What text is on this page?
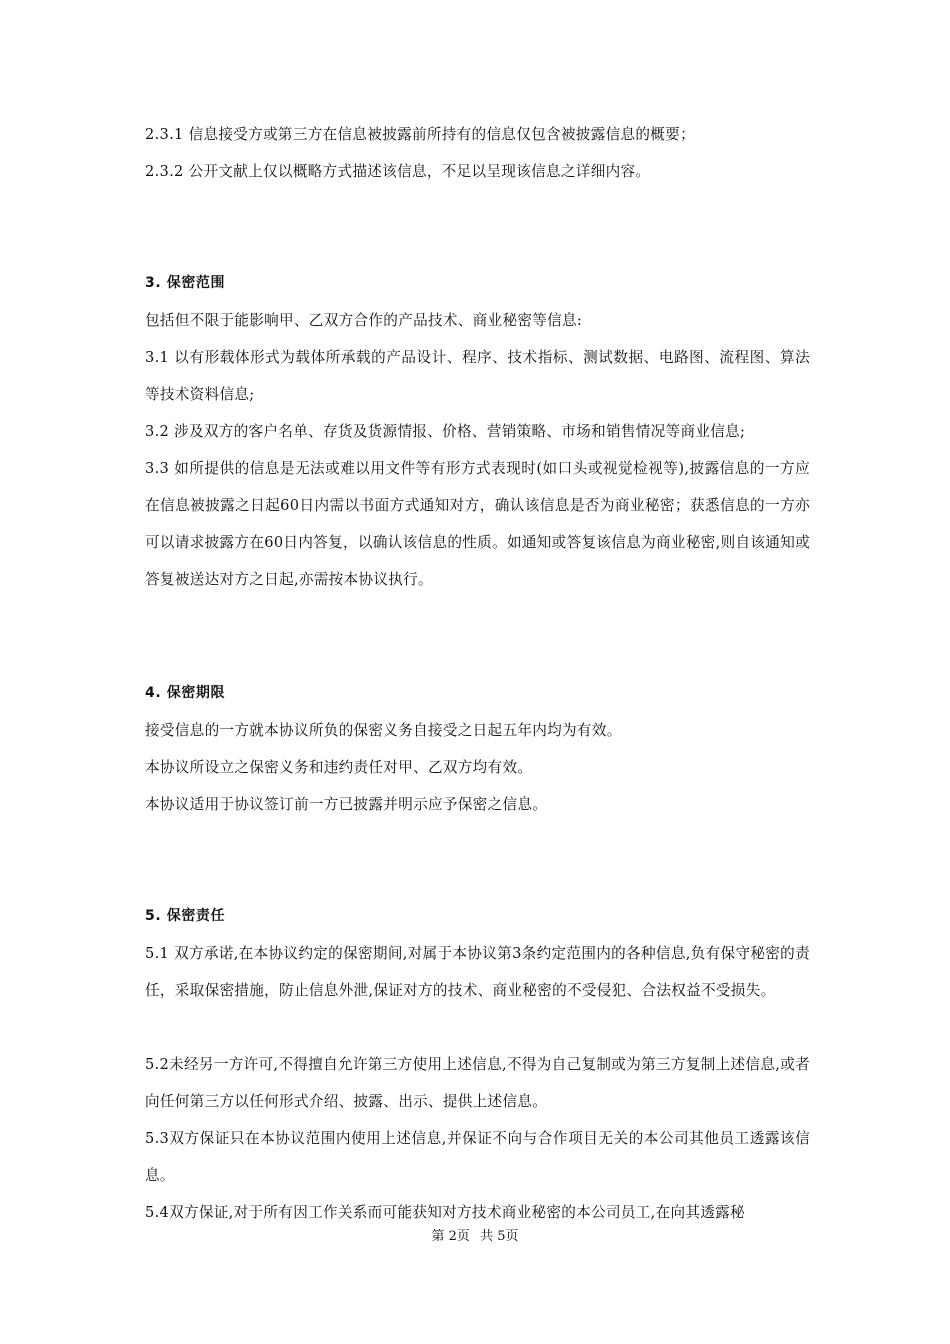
2.3.1 信息接受方或第三方在信息被披露前所持有的信息仅包含被披露信息的概要；

2.3.2 公开文献上仅以概略方式描述该信息，不足以呈现该信息之详细内容。

3. 保密范围

包括但不限于能影响甲、乙双方合作的产品技术、商业秘密等信息:

3.1 以有形载体形式为载体所承载的产品设计、程序、技术指标、测试数据、电路图、流程图、算法等技术资料信息;

3.2 涉及双方的客户名单、存货及货源情报、价格、营销策略、市场和销售情况等商业信息;

3.3 如所提供的信息是无法或难以用文件等有形方式表现时(如口头或视觉检视等),披露信息的一方应在信息被披露之日起60日内需以书面方式通知对方，确认该信息是否为商业秘密；获悉信息的一方亦可以请求披露方在60日内答复，以确认该信息的性质。如通知或答复该信息为商业秘密,则自该通知或答复被送达对方之日起,亦需按本协议执行。

4. 保密期限

接受信息的一方就本协议所负的保密义务自接受之日起五年内均为有效。

本协议所设立之保密义务和违约责任对甲、乙双方均有效。

本协议适用于协议签订前一方已披露并明示应予保密之信息。

5. 保密责任

5.1 双方承诺,在本协议约定的保密期间,对属于本协议第3条约定范围内的各种信息,负有保守秘密的责任，采取保密措施，防止信息外泄,保证对方的技术、商业秘密的不受侵犯、合法权益不受损失。

5.2未经另一方许可,不得擅自允许第三方使用上述信息,不得为自己复制或为第三方复制上述信息,或者向任何第三方以任何形式介绍、披露、出示、提供上述信息。

5.3双方保证只在本协议范围内使用上述信息,并保证不向与合作项目无关的本公司其他员工透露该信息。

5.4双方保证,对于所有因工作关系而可能获知对方技术商业秘密的本公司员工,在向其透露秘

第 2页 共 5页
